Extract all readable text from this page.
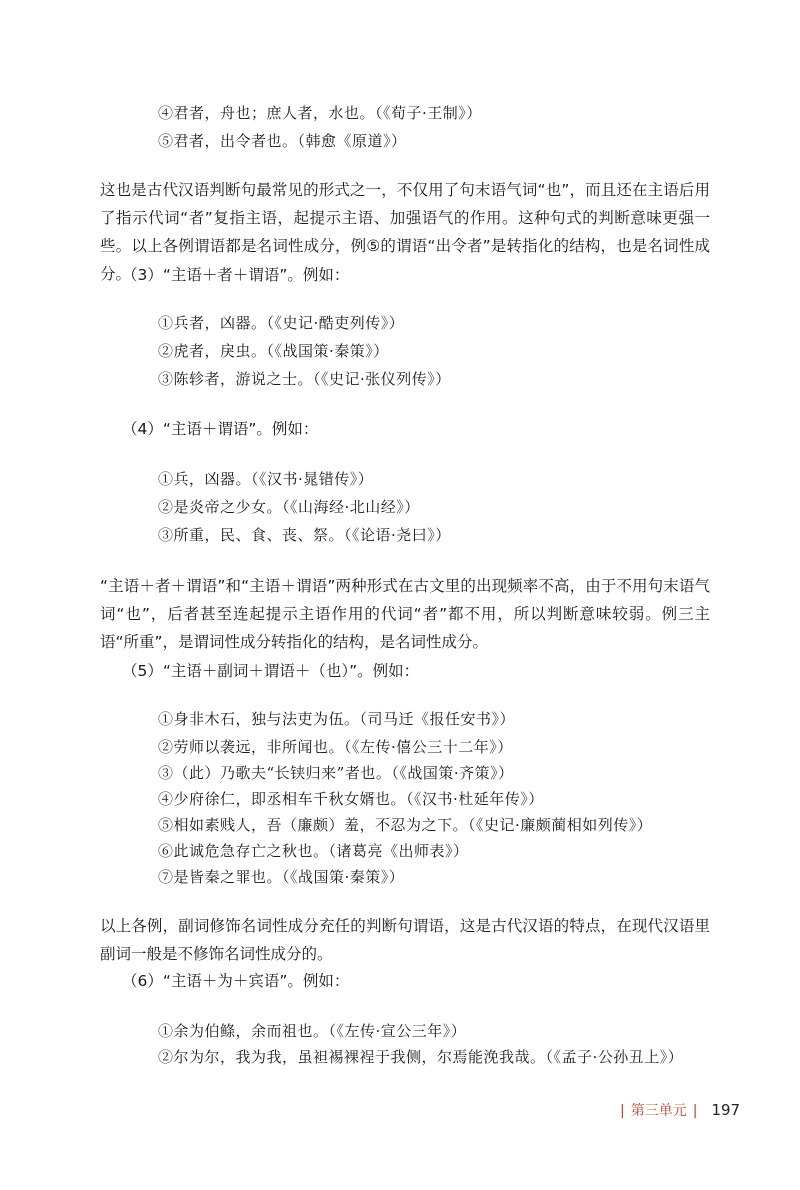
④君者，舟也；庶人者，水也。（《荀子·王制》）

⑤君者，出令者也。（韩愈《原道》）

这也是古代汉语判断句最常见的形式之一，不仅用了句末语气词“也”，而且还在主语后用了指示代词“者”复指主语，起提示主语、加强语气的作用。这种句式的判断意味更强一些。以上各例谓语都是名词性成分，例⑤的谓语“出令者”是转指化的结构，也是名词性成分。

（3）“主语＋者＋谓语”。例如：

①兵者，凶器。（《史记·酷吏列传》）

②虎者，戾虫。（《战国策·秦策》）

③陈轸者，游说之士。（《史记·张仪列传》）

（4）“主语＋谓语”。例如：

①兵，凶器。（《汉书·晁错传》）

②是炎帝之少女。（《山海经·北山经》）

③所重，民、食、丧、祭。（《论语·尧曰》）

“主语＋者＋谓语”和“主语＋谓语”两种形式在古文里的出现频率不高，由于不用句末语气词“也”，后者甚至连起提示主语作用的代词“者”都不用，所以判断意味较弱。例三主语“所重”，是谓词性成分转指化的结构，是名词性成分。

（5）“主语＋副词＋谓语＋（也）”。例如：

①身非木石，独与法吏为伍。（司马迁《报任安书》）

②劳师以袭远，非所闻也。（《左传·僖公三十二年》）

③（此）乃歌夫“长铗归来”者也。（《战国策·齐策》）

④少府徐仁，即丞相车千秋女婿也。（《汉书·杜延年传》）

⑤相如素贱人，吾（廉颇）羞，不忍为之下。（《史记·廉颇蔺相如列传》）

⑥此诚危急存亡之秋也。（诸葛亮《出师表》）

⑦是皆秦之罪也。（《战国策·秦策》）

以上各例，副词修饰名词性成分充任的判断句谓语，这是古代汉语的特点，在现代汉语里副词一般是不修饰名词性成分的。

（6）“主语＋为＋宾语”。例如：

①余为伯鲦，余而祖也。（《左传·宣公三年》）

②尔为尔，我为我，虽袒裼裸裎于我侧，尔焉能浼我哉。（《孟子·公孙丑上》）

| 第三单元 | 197
